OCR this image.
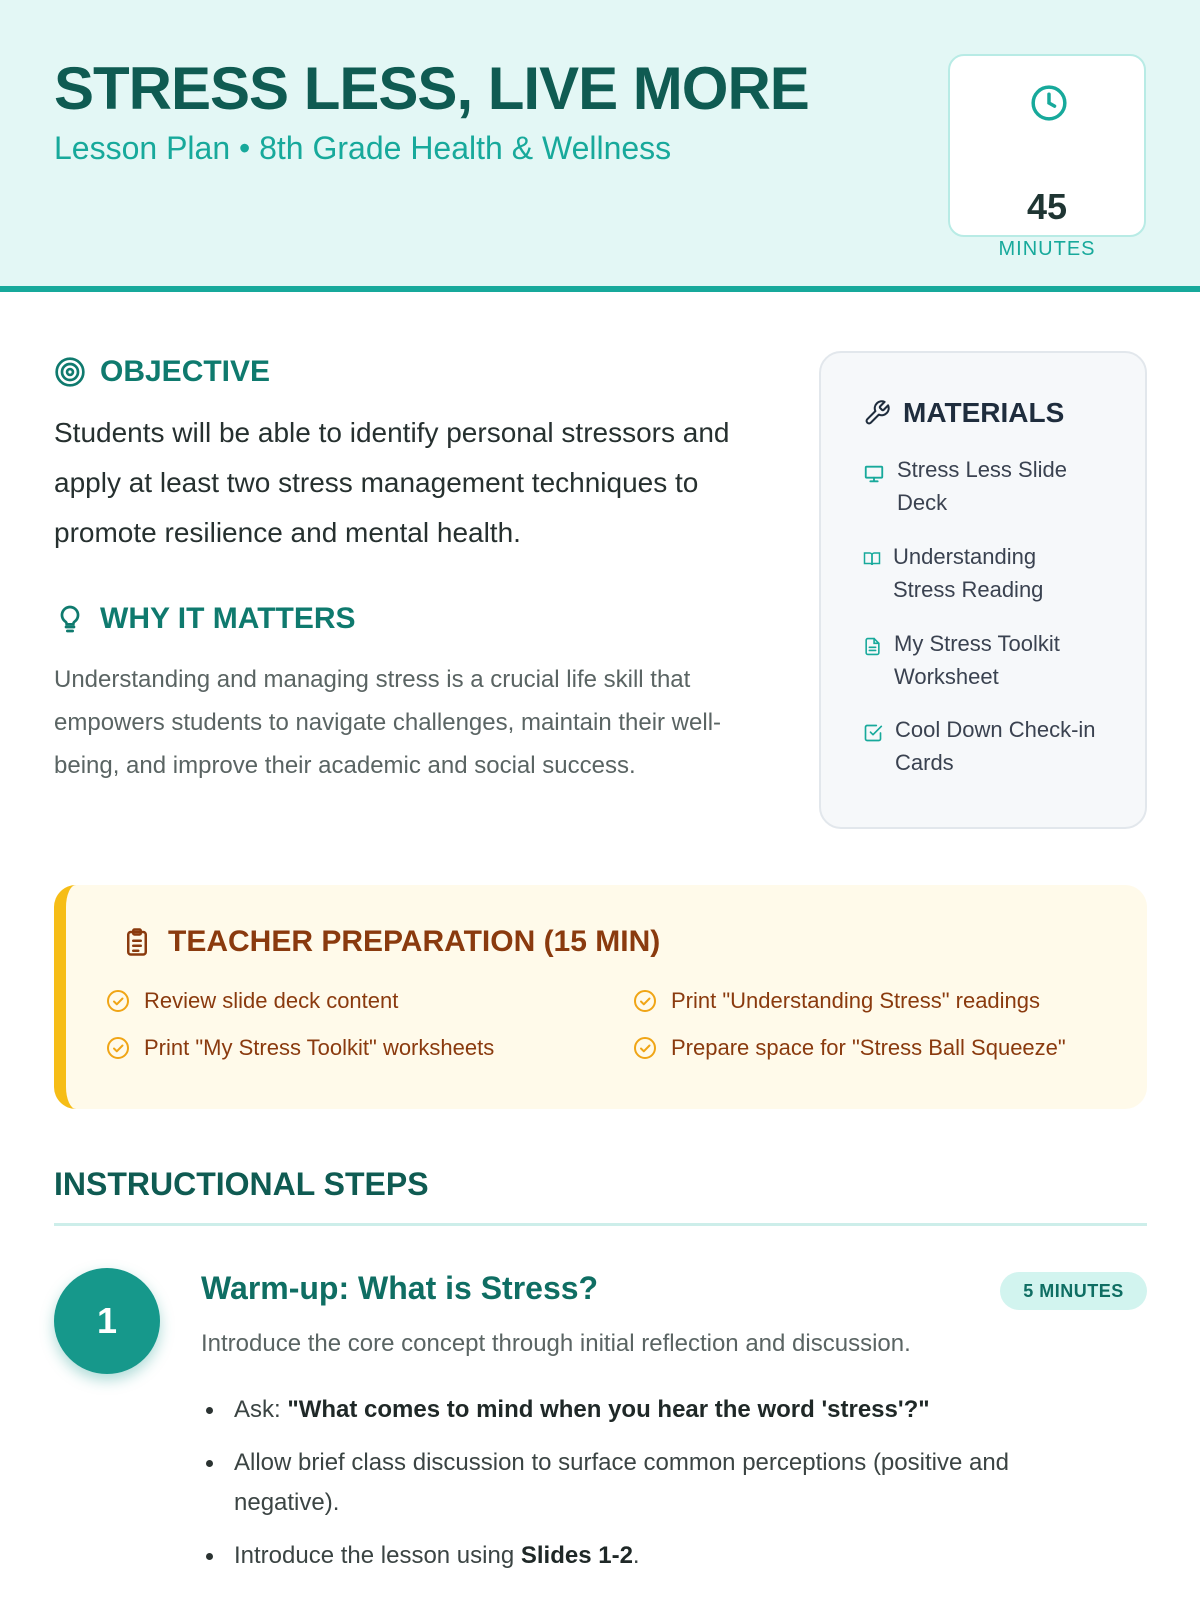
STRESS LESS, LIVE MORE
Lesson Plan • 8th Grade Health & Wellness
45
MINUTES
OBJECTIVE
Students will be able to identify personal stressors and apply at least two stress management techniques to promote resilience and mental health.
WHY IT MATTERS
Understanding and managing stress is a crucial life skill that empowers students to navigate challenges, maintain their well-being, and improve their academic and social success.
MATERIALS
Stress Less Slide Deck
Understanding Stress Reading
My Stress Toolkit Worksheet
Cool Down Check-in Cards
TEACHER PREPARATION (15 MIN)
Review slide deck content	Print "Understanding Stress" readings
Print "My Stress Toolkit" worksheets	Prepare space for "Stress Ball Squeeze"
INSTRUCTIONAL STEPS
1
Warm-up: What is Stress?	5 MINUTES
Introduce the core concept through initial reflection and discussion.
Ask: "What comes to mind when you hear the word 'stress'?"
Allow brief class discussion to surface common perceptions (positive and negative).
Introduce the lesson using Slides 1-2.
